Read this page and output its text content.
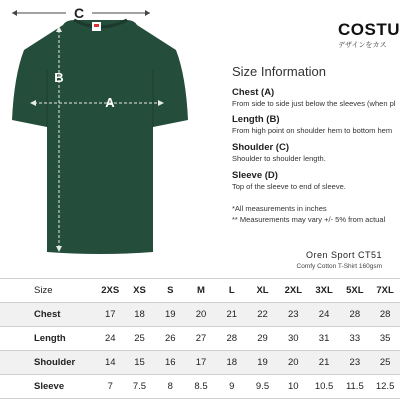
C
B
A
COSTU
デザインをカス
Size Information
Chest (A)
From side to side just below the sleeves (when pl
Length (B)
From high point on shoulder hem to bottom hem
Shoulder (C)
Shoulder to shoulder length.
Sleeve (D)
Top of the sleeve to end of sleeve.
*All measurements in inches
** Measurements may vary +/- 5% from actual
Oren Sport CT51
Comfy Cotton T-Shirt 160gsm
Size	2XS	XS	S	M	L	XL	2XL	3XL	5XL	7XL
Chest	17	18	19	20	21	22	23	24	28	28
Length	24	25	26	27	28	29	30	31	33	35
Shoulder	14	15	16	17	18	19	20	21	23	25
Sleeve	7	7.5	8	8.5	9	9.5	10	10.5	11.5	12.5
